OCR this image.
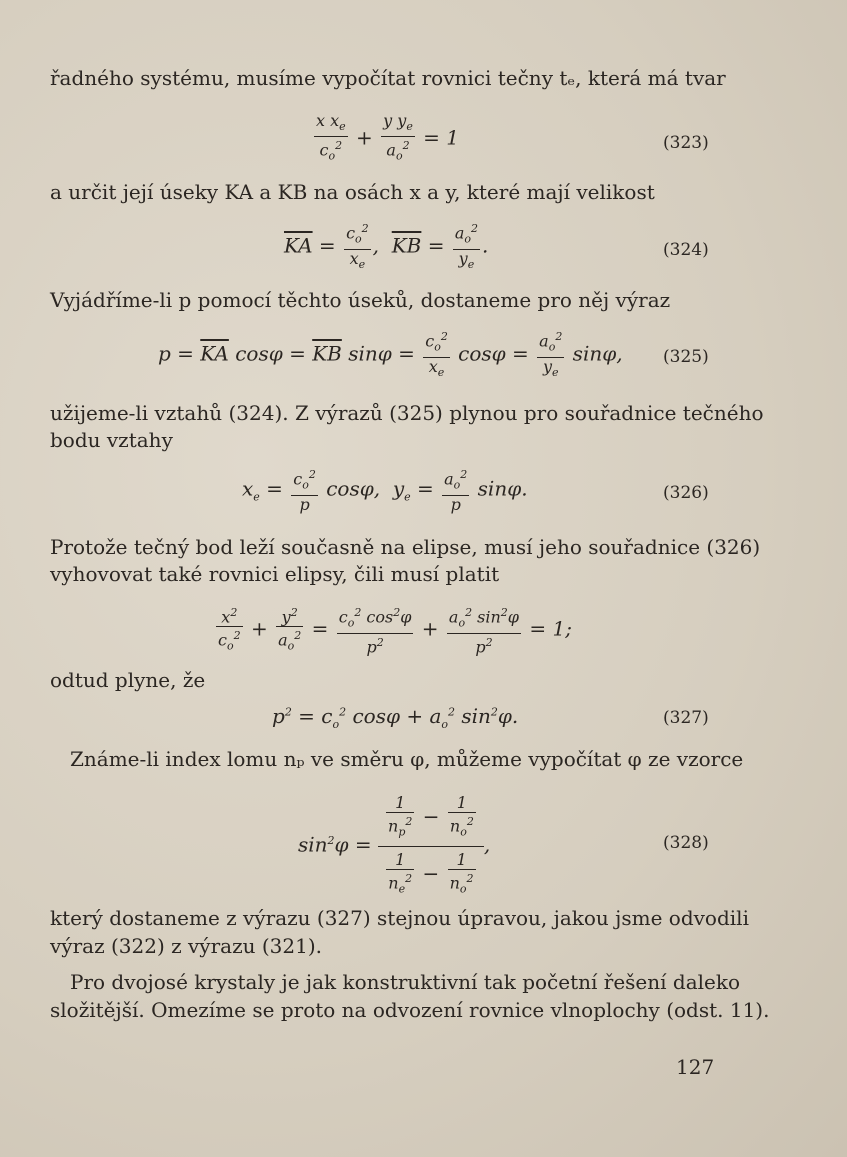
řadného systému, musíme vypočítat rovnici tečny tₑ, která má tvar

$\frac{x x_e}{c_o^2} + \frac{y y_e}{a_o^2} = 1$	(323)

a určit její úseky KA a KB na osách x a y, které mají velikost

$\overline{KA} = \frac{c_o^2}{x_e}$ ,  $\overline{KB} = \frac{a_o^2}{y_e}$ .	(324)

Vyjádříme-li p pomocí těchto úseků, dostaneme pro něj výraz

$p = \overline{KA}$ $\cos\varphi = \overline{KB}$ $\sin\varphi = \frac{c_o^2}{x_e}$ $\cos\varphi = \frac{a_o^2}{y_e} \sin\varphi$, (325)

užijeme-li vztahů (324). Z výrazů (325) plynou pro souřadnice tečného

bodu vztahy

$x_e = \frac{c_o^2}{p} \cos\varphi$,  $y_e = \frac{a_o^2}{p} \sin\varphi$.	(326)

Protože tečný bod leží současně na elipse, musí jeho souřadnice (326)

vyhovovat také rovnici elipsy, čili musí platit

$\frac{x^2}{c_o^2} + \frac{y^2}{a_o^2} = \frac{c_o^2 \cos^2\varphi}{p^2} + \frac{a_o^2 \sin^2\varphi}{p^2} = 1$;

odtud plyne, že

$p^2 = c_o^2$ $\cos\varphi + a_o^2$ $\sin^2\varphi$.	(327)

Známe-li index lomu nₚ ve směru φ, můžeme vypočítat φ ze vzorce

$\sin^2\varphi = \frac{\frac{1}{n_p^2} - \frac{1}{n_o^2}}{\frac{1}{n_e^2} - \frac{1}{n_o^2}}$ ,	(328)

který dostaneme z výrazu (327) stejnou úpravou, jakou jsme odvodili

výraz (322) z výrazu (321).

Pro dvojosé krystaly je jak konstruktivní tak početní řešení daleko

složitější. Omezíme se proto na odvození rovnice vlnoplochy (odst. 11).

127
